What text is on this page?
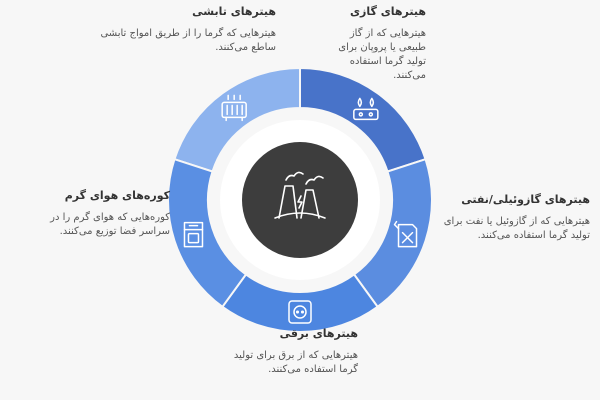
هیترهای تابشی
هیترهایی که گرما را از طریق امواج تابشی ساطع می‌کنند.
هیترهای گازی
هیترهایی که از گاز طبیعی یا پروپان برای تولید گرما استفاده می‌کنند.
هیترهای گازوئیلی/نفتی
هیترهایی که از گازوئیل یا نفت برای تولید گرما استفاده می‌کنند.
هیترهای برقی
هیترهایی که از برق برای تولید گرما استفاده می‌کنند.
کوره‌های هوای گرم
کوره‌هایی که هوای گرم را در سراسر فضا توزیع می‌کنند.
